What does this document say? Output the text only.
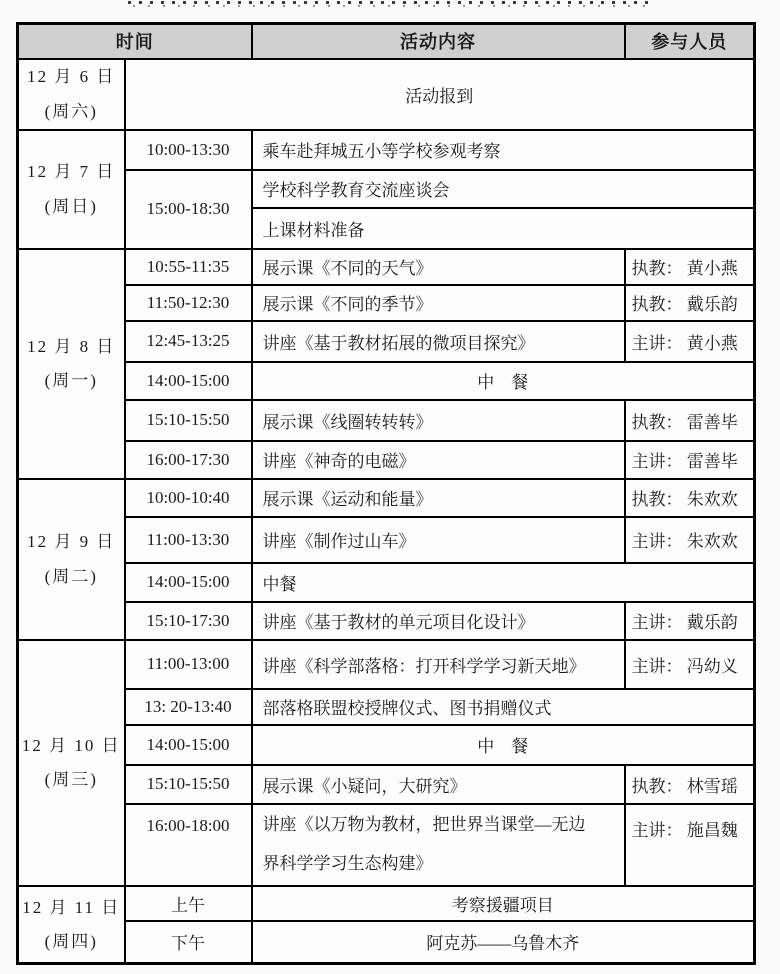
时间		活动内容	参与人员

12 月 6 日
(周六)	活动报到		

12 月 7 日
(周日)	10:00-13:30	乘车赴拜城五小等学校参观考察	
	15:00-18:30	学校科学教育交流座谈会	
		上课材料准备	

12 月 8 日
(周一)	10:55-11:35	展示课《不同的天气》	执教： 黄小燕
	11:50-12:30	展示课《不同的季节》	执教： 戴乐韵
	12:45-13:25	讲座《基于教材拓展的微项目探究》	主讲： 黄小燕
	14:00-15:00	中　餐	
	15:10-15:50	展示课《线圈转转转》	执教： 雷善毕
	16:00-17:30	讲座《神奇的电磁》	主讲： 雷善毕

12 月 9 日
(周二)	10:00-10:40	展示课《运动和能量》	执教： 朱欢欢
	11:00-13:30	讲座《制作过山车》	主讲： 朱欢欢
	14:00-15:00	中餐	
	15:10-17:30	讲座《基于教材的单元项目化设计》	主讲： 戴乐韵

12 月 10 日
(周三)	11:00-13:00	讲座《科学部落格：打开科学学习新天地》	主讲： 冯幼义
	13: 20-13:40	部落格联盟校授牌仪式、图书捐赠仪式	
	14:00-15:00	中　餐	
	15:10-15:50	展示课《小疑问，大研究》	执教： 林雪瑶
	16:00-18:00	讲座《以万物为教材，把世界当课堂—无边界科学学习生态构建》	主讲： 施昌魏

12 月 11 日
(周四)	上午	考察援疆项目	
	下午	阿克苏——乌鲁木齐	
